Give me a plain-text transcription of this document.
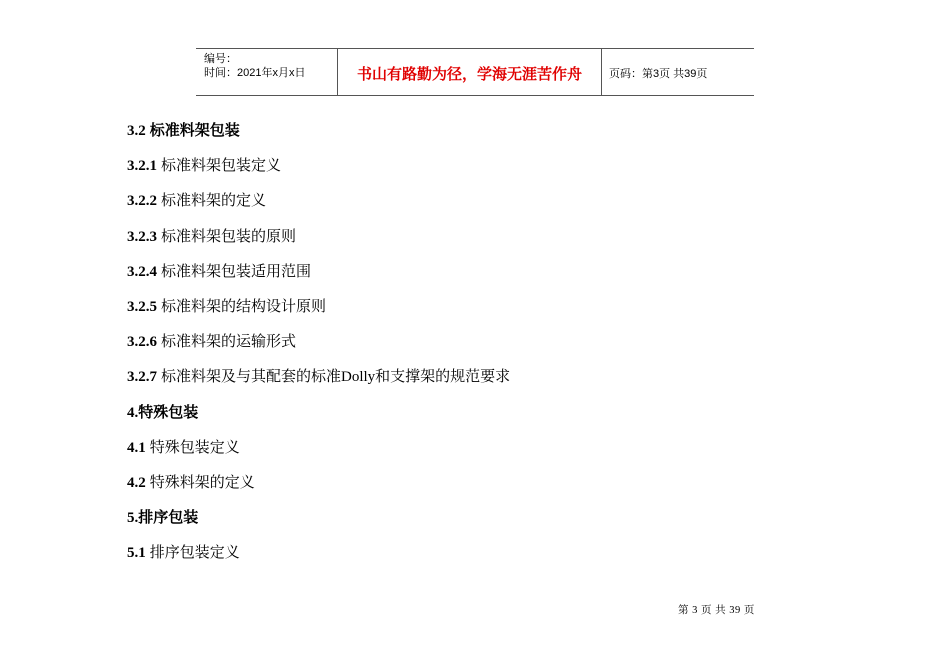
编号：
时间：2021年x月x日	书山有路勤为径，学海无涯苦作舟 页码：第3页 共39页
3.2 标准料架包装
3.2.1 标准料架包装定义
3.2.2 标准料架的定义
3.2.3 标准料架包装的原则
3.2.4 标准料架包装适用范围
3.2.5 标准料架的结构设计原则
3.2.6 标准料架的运输形式
3.2.7 标准料架及与其配套的标准Dolly和支撑架的规范要求
4.特殊包装
4.1 特殊包装定义
4.2 特殊料架的定义
5.排序包装
5.1 排序包装定义
第 3 页 共 39 页
